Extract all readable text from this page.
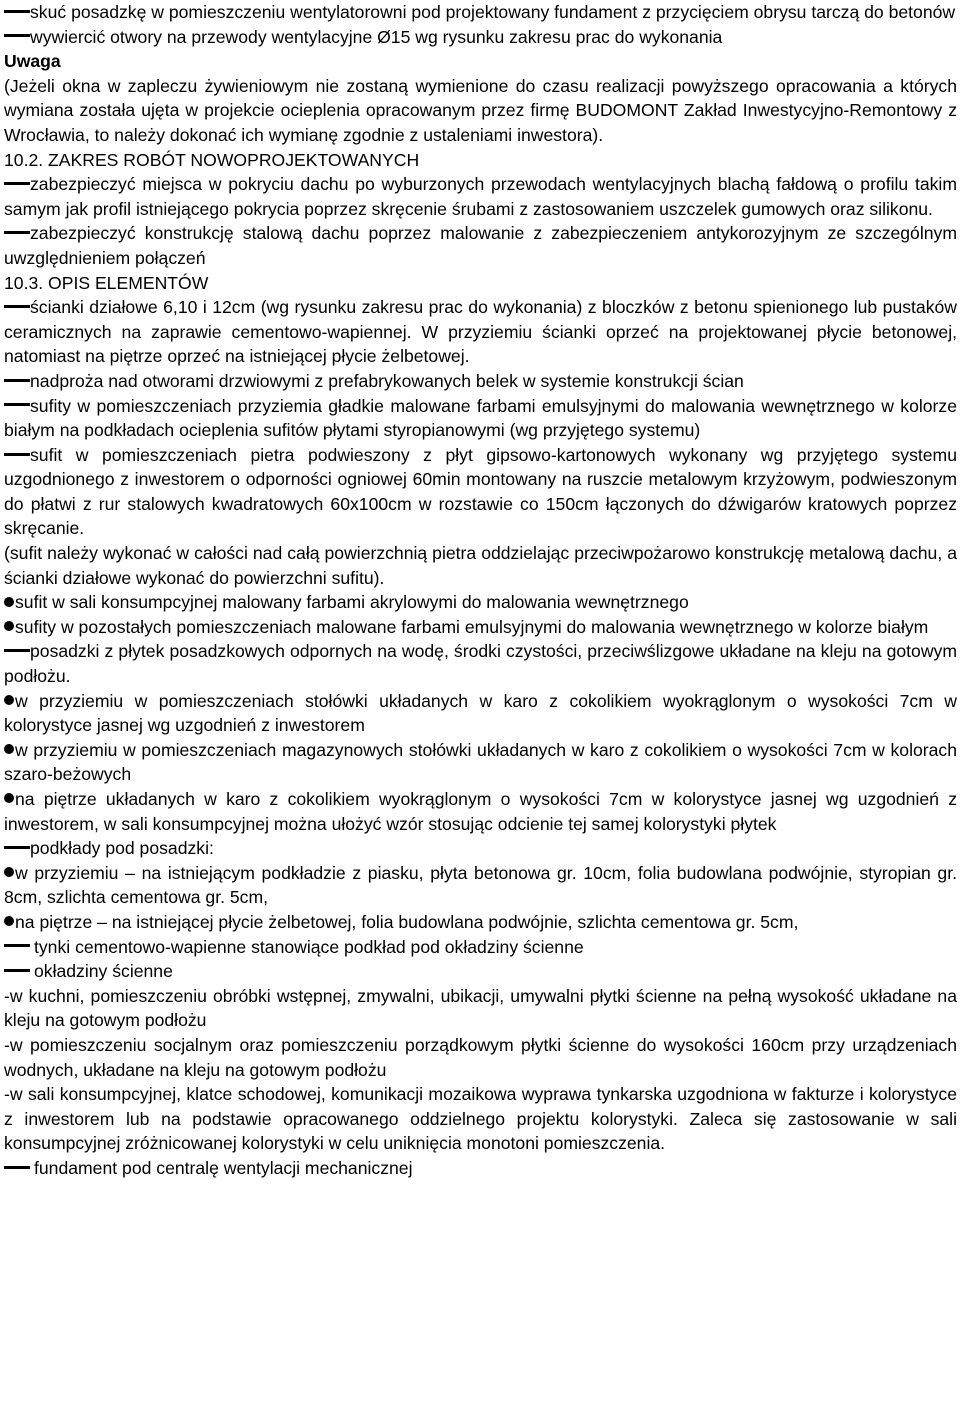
skuć posadzkę w pomieszczeniu wentylatorowni pod projektowany fundament z przycięciem obrysu tarczą do betonów

wywiercić otwory na przewody wentylacyjne Ø15 wg rysunku zakresu prac do wykonania

Uwaga

(Jeżeli okna w zapleczu żywieniowym nie zostaną wymienione do czasu realizacji powyższego opracowania a których wymiana została ujęta w projekcie ocieplenia opracowanym przez firmę BUDOMONT Zakład Inwestycyjno-Remontowy z Wrocławia, to należy dokonać ich wymianę zgodnie z ustaleniami inwestora).

10.2. ZAKRES ROBÓT NOWOPROJEKTOWANYCH

zabezpieczyć miejsca w pokryciu dachu po wyburzonych przewodach wentylacyjnych blachą fałdową o profilu takim samym jak profil istniejącego pokrycia poprzez skręcenie śrubami z zastosowaniem uszczelek gumowych oraz silikonu.

zabezpieczyć konstrukcję stalową dachu poprzez malowanie z zabezpieczeniem antykorozyjnym ze szczególnym uwzględnieniem połączeń

10.3. OPIS ELEMENTÓW

ścianki działowe 6,10 i 12cm (wg rysunku zakresu prac do wykonania) z bloczków z betonu spienionego lub pustaków ceramicznych na zaprawie cementowo-wapiennej. W przyziemiu ścianki oprzeć na projektowanej płycie betonowej, natomiast na piętrze oprzeć na istniejącej płycie żelbetowej.

nadproża nad otworami drzwiowymi z prefabrykowanych belek w systemie konstrukcji ścian

sufity w pomieszczeniach przyziemia gładkie malowane farbami emulsyjnymi do malowania wewnętrznego w kolorze białym na podkładach ocieplenia sufitów płytami styropianowymi (wg przyjętego systemu)

sufit w pomieszczeniach pietra podwieszony z płyt gipsowo-kartonowych wykonany wg przyjętego systemu uzgodnionego z inwestorem o odporności ogniowej 60min montowany na ruszcie metalowym krzyżowym, podwieszonym do płatwi z rur stalowych kwadratowych 60x100cm w rozstawie co 150cm łączonych do dźwigarów kratowych poprzez skręcanie.

(sufit należy wykonać w całości nad całą powierzchnią pietra oddzielając przeciwpożarowo konstrukcję metalową dachu, a ścianki działowe wykonać do powierzchni sufitu).

sufit w sali konsumpcyjnej malowany farbami akrylowymi do malowania wewnętrznego

sufity w pozostałych pomieszczeniach malowane farbami emulsyjnymi do malowania wewnętrznego w kolorze białym

posadzki z płytek posadzkowych odpornych na wodę, środki czystości, przeciwślizgowe układane na kleju na gotowym podłożu.

w przyziemiu w pomieszczeniach stołówki układanych w karo z cokolikiem wyokrąglonym o wysokości 7cm w kolorystyce jasnej wg uzgodnień z inwestorem

w przyziemiu w pomieszczeniach magazynowych stołówki układanych w karo z cokolikiem o wysokości 7cm w kolorach szaro-beżowych

na piętrze układanych w karo z cokolikiem wyokrąglonym o wysokości 7cm w kolorystyce jasnej wg uzgodnień z inwestorem, w sali konsumpcyjnej można ułożyć wzór stosując odcienie tej samej kolorystyki płytek

podkłady pod posadzki:

w przyziemiu – na istniejącym podkładzie z piasku, płyta betonowa gr. 10cm, folia budowlana podwójnie, styropian gr. 8cm, szlichta cementowa gr. 5cm,

na piętrze – na istniejącej płycie żelbetowej, folia budowlana podwójnie, szlichta cementowa gr. 5cm,

tynki cementowo-wapienne stanowiące podkład pod okładziny ścienne

okładziny ścienne

-w kuchni, pomieszczeniu obróbki wstępnej, zmywalni, ubikacji, umywalni płytki ścienne na pełną wysokość układane na kleju na gotowym podłożu

-w pomieszczeniu socjalnym oraz pomieszczeniu porządkowym płytki ścienne do wysokości 160cm przy urządzeniach wodnych, układane na kleju na gotowym podłożu

-w sali konsumpcyjnej, klatce schodowej, komunikacji mozaikowa wyprawa tynkarska uzgodniona w fakturze i kolorystyce z inwestorem lub na podstawie opracowanego oddzielnego projektu kolorystyki. Zaleca się zastosowanie w sali konsumpcyjnej zróżnicowanej kolorystyki w celu uniknięcia monotoni pomieszczenia.

fundament pod centralę wentylacji mechanicznej
